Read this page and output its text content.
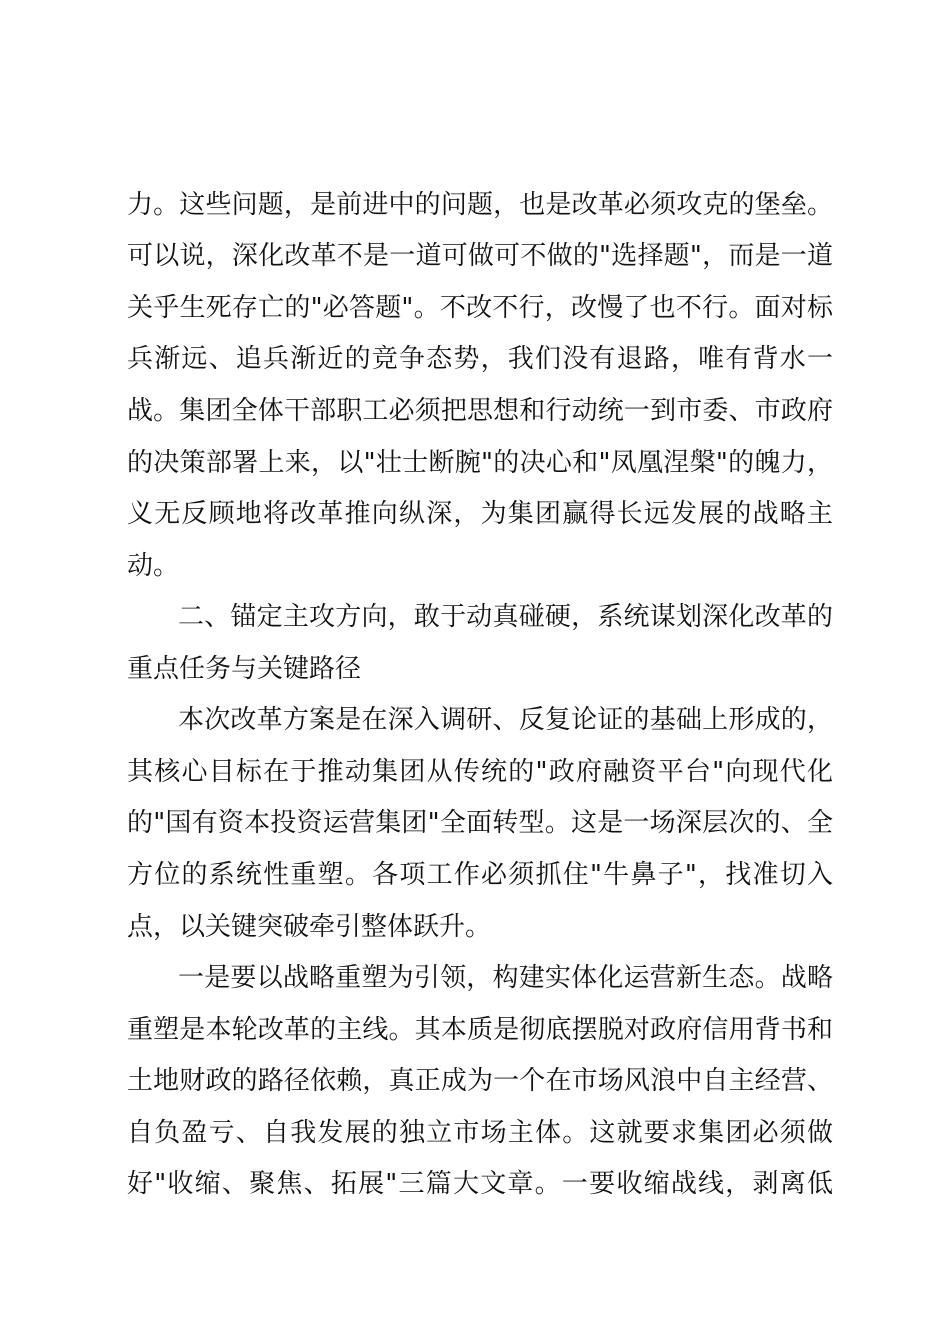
力。这些问题，是前进中的问题，也是改革必须攻克的堡垒。
可以说，深化改革不是一道可做可不做的"选择题"，而是一道
关乎生死存亡的"必答题"。不改不行，改慢了也不行。面对标
兵渐远、追兵渐近的竞争态势，我们没有退路，唯有背水一
战。集团全体干部职工必须把思想和行动统一到市委、市政府
的决策部署上来，以"壮士断腕"的决心和"凤凰涅槃"的魄力，
义无反顾地将改革推向纵深，为集团赢得长远发展的战略主
动。
二、锚定主攻方向，敢于动真碰硬，系统谋划深化改革的
重点任务与关键路径
本次改革方案是在深入调研、反复论证的基础上形成的，
其核心目标在于推动集团从传统的"政府融资平台"向现代化
的"国有资本投资运营集团"全面转型。这是一场深层次的、全
方位的系统性重塑。各项工作必须抓住"牛鼻子"，找准切入
点，以关键突破牵引整体跃升。
一是要以战略重塑为引领，构建实体化运营新生态。战略
重塑是本轮改革的主线。其本质是彻底摆脱对政府信用背书和
土地财政的路径依赖，真正成为一个在市场风浪中自主经营、
自负盈亏、自我发展的独立市场主体。这就要求集团必须做
好"收缩、聚焦、拓展"三篇大文章。一要收缩战线，剥离低
